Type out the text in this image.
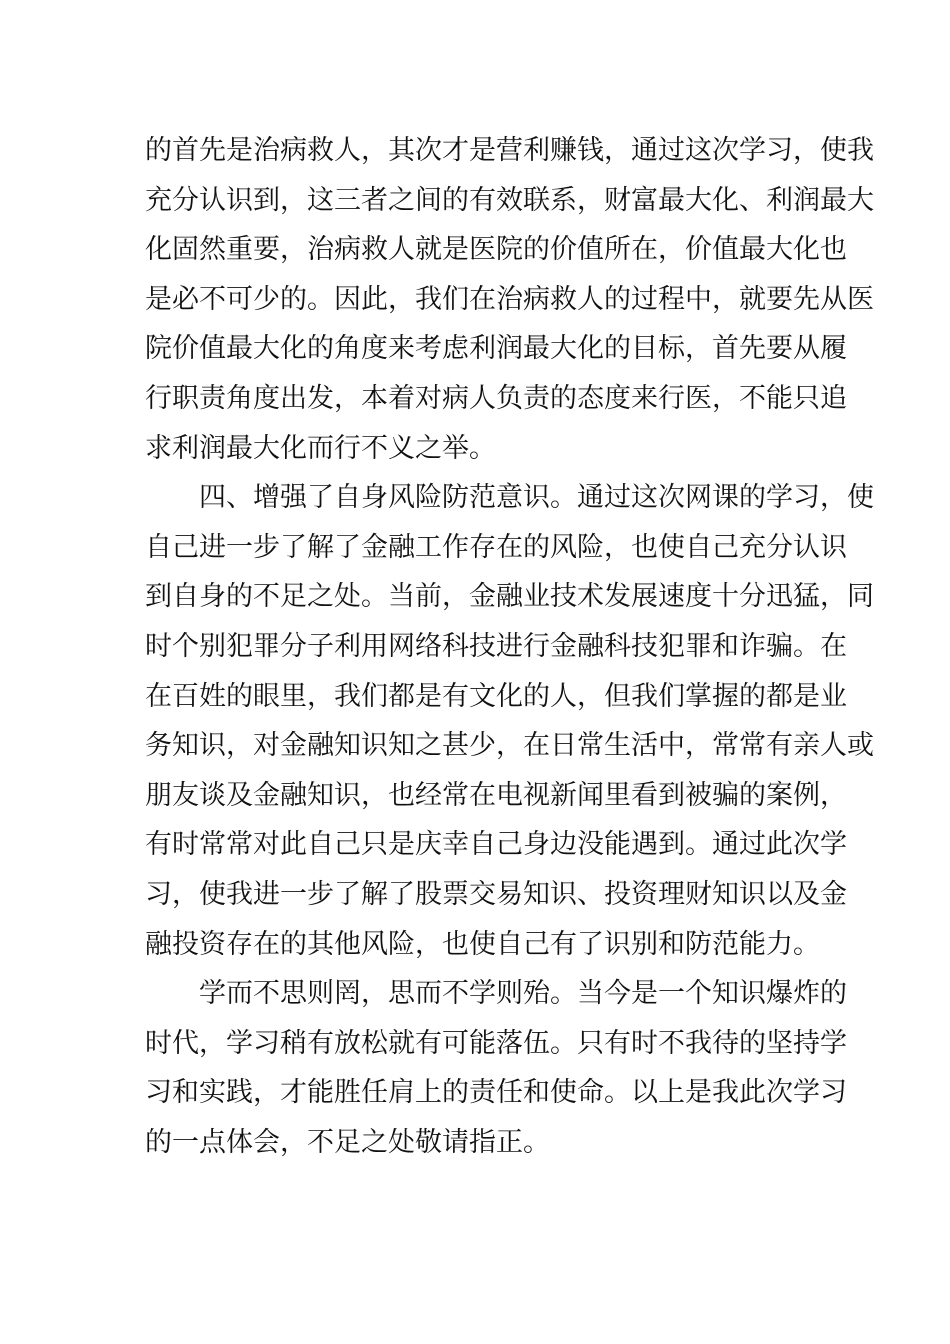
的首先是治病救人，其次才是营利赚钱，通过这次学习，使我
充分认识到，这三者之间的有效联系，财富最大化、利润最大
化固然重要，治病救人就是医院的价值所在，价值最大化也
是必不可少的。因此，我们在治病救人的过程中，就要先从医
院价值最大化的角度来考虑利润最大化的目标，首先要从履
行职责角度出发，本着对病人负责的态度来行医，不能只追
求利润最大化而行不义之举。
四、增强了自身风险防范意识。通过这次网课的学习，使
自己进一步了解了金融工作存在的风险，也使自己充分认识
到自身的不足之处。当前，金融业技术发展速度十分迅猛，同
时个别犯罪分子利用网络科技进行金融科技犯罪和诈骗。在
在百姓的眼里，我们都是有文化的人，但我们掌握的都是业
务知识，对金融知识知之甚少，在日常生活中，常常有亲人或
朋友谈及金融知识，也经常在电视新闻里看到被骗的案例，
有时常常对此自己只是庆幸自己身边没能遇到。通过此次学
习，使我进一步了解了股票交易知识、投资理财知识以及金
融投资存在的其他风险，也使自己有了识别和防范能力。
学而不思则罔，思而不学则殆。当今是一个知识爆炸的
时代，学习稍有放松就有可能落伍。只有时不我待的坚持学
习和实践，才能胜任肩上的责任和使命。以上是我此次学习
的一点体会，不足之处敬请指正。
